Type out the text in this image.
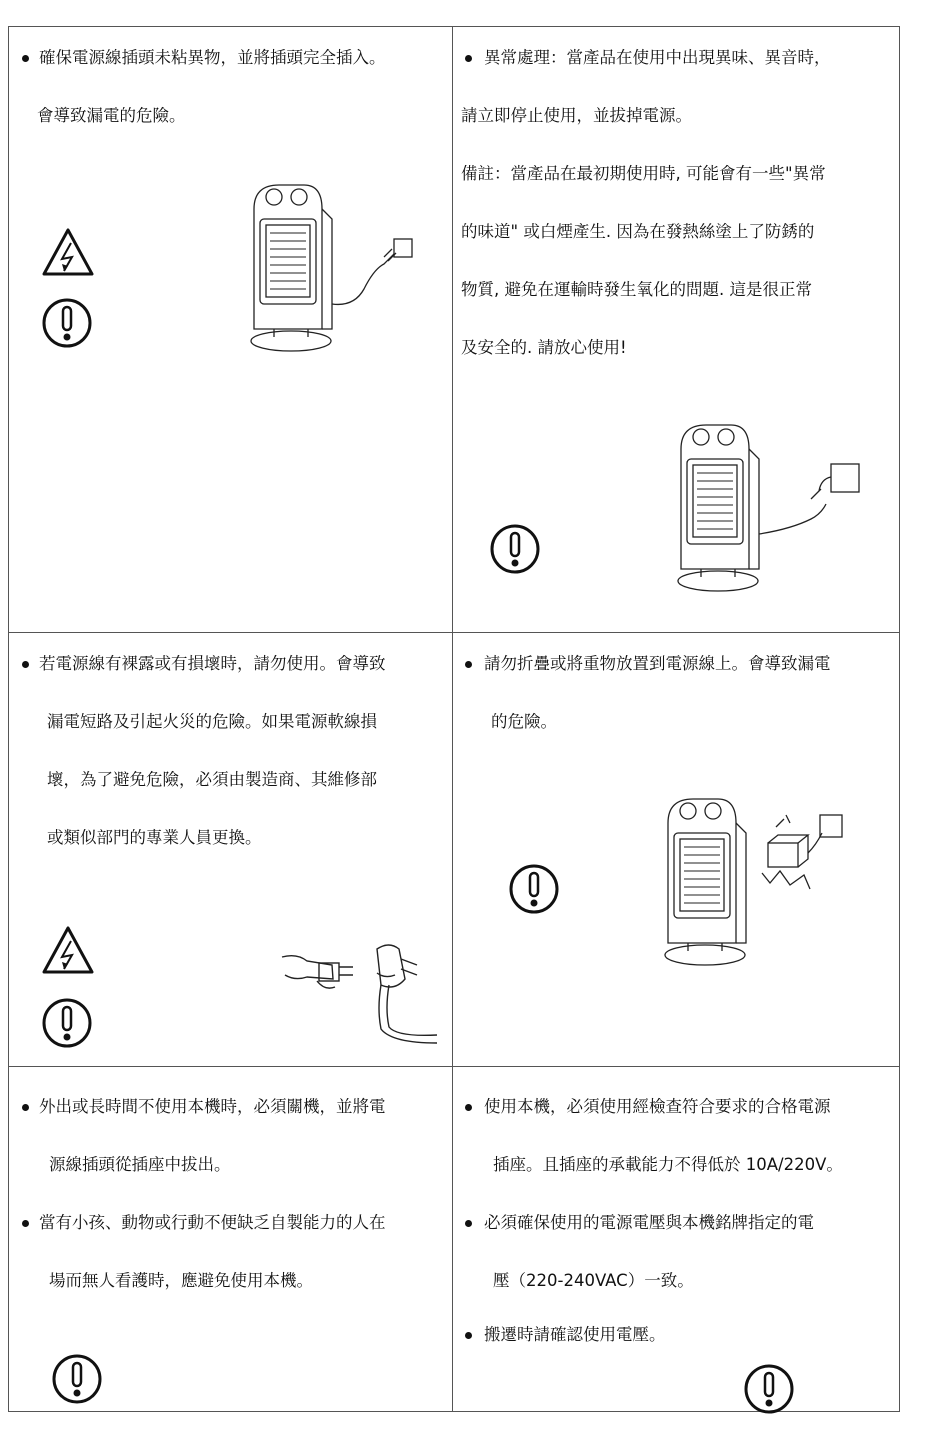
確保電源線插頭未粘異物，並將插頭完全插入。
會導致漏電的危險。
異常處理：當產品在使用中出現異味、異音時，
請立即停止使用，並拔掉電源。
備註：當產品在最初期使用時, 可能會有一些"異常
的味道" 或白煙產生. 因為在發熱絲塗上了防銹的
物質, 避免在運輸時發生氧化的問題. 這是很正常
及安全的. 請放心使用!
若電源線有裸露或有損壞時，請勿使用。會導致
漏電短路及引起火災的危險。如果電源軟線損
壞，為了避免危險，必須由製造商、其維修部
或類似部門的專業人員更換。
請勿折疊或將重物放置到電源線上。會導致漏電
的危險。
外出或長時間不使用本機時，必須關機，並將電
源線插頭從插座中拔出。
當有小孩、動物或行動不便缺乏自製能力的人在
場而無人看護時，應避免使用本機。
使用本機，必須使用經檢查符合要求的合格電源
插座。且插座的承載能力不得低於 10A/220V。
必須確保使用的電源電壓與本機銘牌指定的電
壓（220-240VAC）一致。
搬遷時請確認使用電壓。
